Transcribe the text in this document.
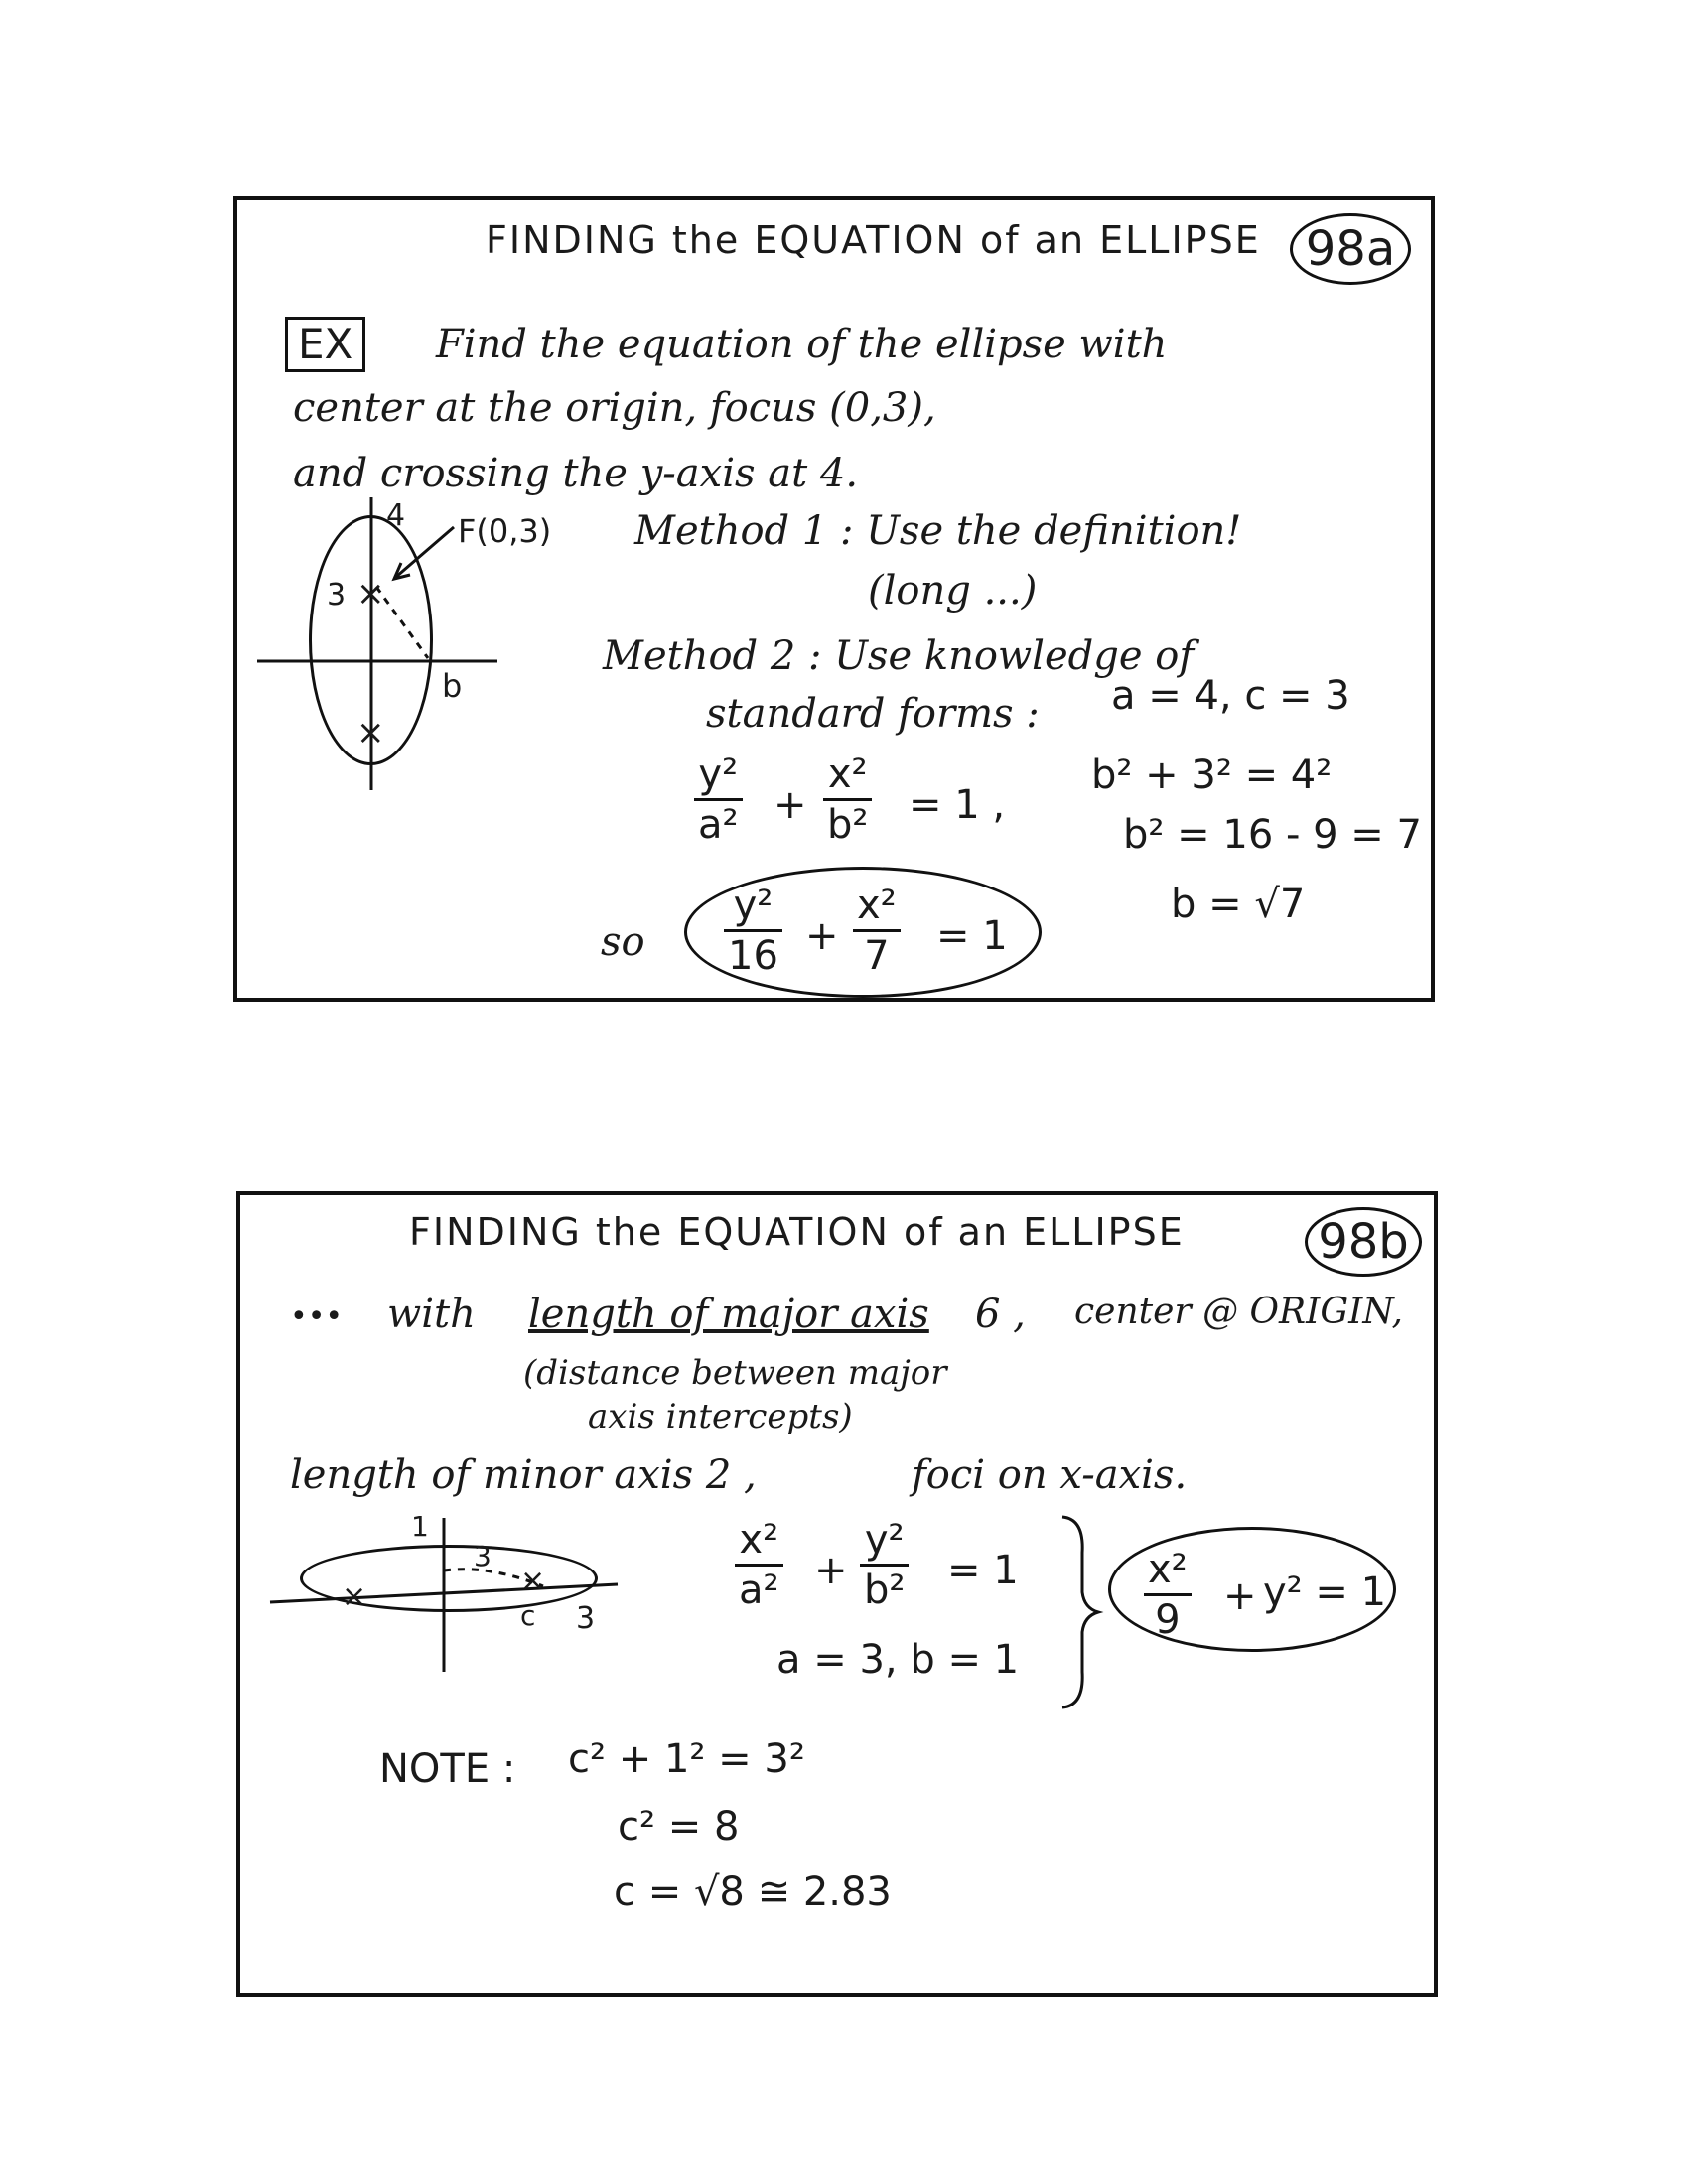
FINDING the EQUATION of an ELLIPSE 98a
EX	Find the equation of the ellipse with
center at the origin, focus (0,3),
and crossing the y-axis at 4.
4 F(0,3)
3 ×
×
b
Method 1 : Use the definition!
(long ...)
Method 2 : Use knowledge of
standard forms : a = 4, c = 3
y²
a² +
x²
b² = 1 ,
b² + 3² = 4²
b² = 16 - 9 = 7
b = √7
so
y²
16 +
x²
7 = 1
FINDING the EQUATION of an ELLIPSE	98b
••• with length of major axis 6 , center @ ORIGIN,
(distance between major
axis intercepts)
length of minor axis 2 ,	foci on x-axis.
1
3
×	×
c 3
x²
a² +
y²
b² = 1
a = 3, b = 1
x²
9
+ y² = 1
NOTE : c² + 1² = 3²
c² = 8
c = √8 ≅ 2.83
